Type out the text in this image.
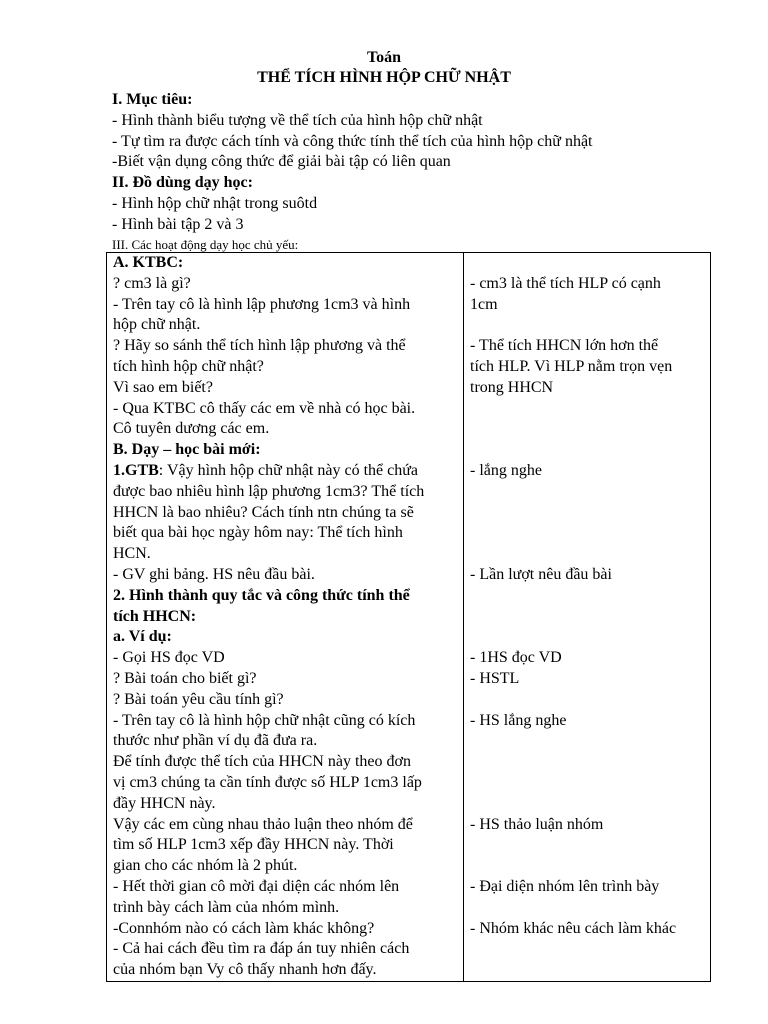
Toán
THỂ TÍCH HÌNH HỘP CHỮ NHẬT
I. Mục tiêu:
- Hình thành biểu tượng về thể tích của hình hộp chữ nhật
- Tự tìm ra được cách tính và công thức tính thể tích của hình hộp chữ nhật
-Biết vận dụng công thức để giải bài tập có liên quan
II. Đồ dùng dạy học:
- Hình hộp chữ nhật trong suôtd
- Hình bài tập 2 và 3
III. Các hoạt động dạy học chủ yếu:
A. KTBC:
? cm3 là gì?
- Trên tay cô là hình lập phương 1cm3 và hình
hộp chữ nhật.
? Hãy so sánh thể tích hình lập phương và thể
tích hình hộp chữ nhật?
Vì sao em biết?
- Qua KTBC cô thấy các em về nhà có học bài.
Cô tuyên dương các em.
B. Dạy – học bài mới:
1.GTB: Vậy hình hộp chữ nhật này có thể chứa
được bao nhiêu hình lập phương 1cm3? Thể tích
HHCN là bao nhiêu? Cách tính ntn chúng ta sẽ
biết qua bài học ngày hôm nay: Thể tích hình
HCN.
- GV ghi bảng. HS nêu đầu bài.
2. Hình thành quy tắc và công thức tính thể
tích HHCN:
a. Ví dụ:
- Gọi HS đọc VD
? Bài toán cho biết gì?
? Bài toán yêu cầu tính gì?
- Trên tay cô là hình hộp chữ nhật cũng có kích
thước như phần ví dụ đã đưa ra.
Để tính được thể tích của HHCN này theo đơn
vị cm3 chúng ta cần tính được số HLP 1cm3 lấp
đầy HHCN này.
Vậy các em cùng nhau thảo luận theo nhóm để
tìm số HLP 1cm3 xếp đầy HHCN này. Thời
gian cho các nhóm là 2 phút.
- Hết thời gian cô mời đại diện các nhóm lên
trình bày cách làm của nhóm mình.
-Connhóm nào có cách làm khác không?
- Cả hai cách đều tìm ra đáp án tuy nhiên cách
của nhóm bạn Vy cô thấy nhanh hơn đấy.
- cm3 là thể tích HLP có cạnh
1cm
- Thể tích HHCN lớn hơn thể
tích HLP. Vì HLP nằm trọn vẹn
trong HHCN
- lắng nghe
- Lần lượt nêu đầu bài
- 1HS đọc VD
- HSTL
- HS lắng nghe
- HS thảo luận nhóm
- Đại diện nhóm lên trình bày
- Nhóm khác nêu cách làm khác
